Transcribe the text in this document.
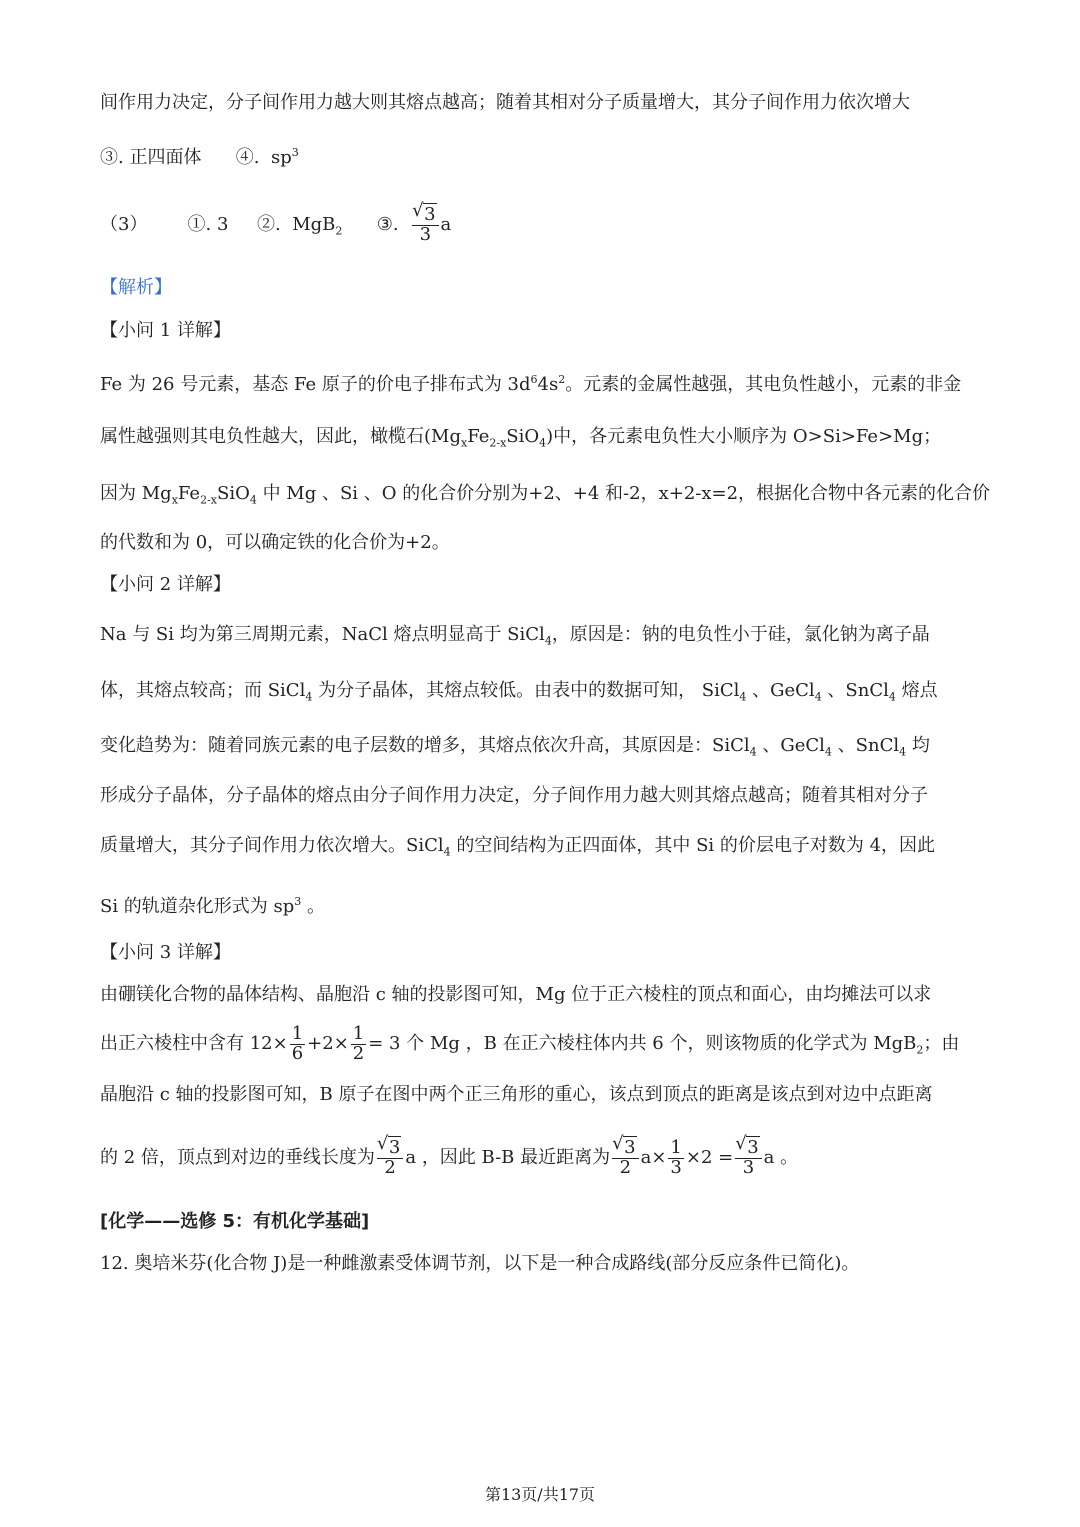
间作用力决定，分子间作用力越大则其熔点越高；随着其相对分子质量增大，其分子间作用力依次增大
③. 正四面体 ④. $sp^3$
（3） ①. 3 ②. MgB$_2$ ③. √ $\frac{3}{3}$ a
【解析】
【小问 1 详解】
Fe 为 26 号元素，基态 Fe 原子的价电子排布式为 $3d^64s^2$。元素的金属性越强，其电负性越小，元素的非金
属性越强则其电负性越大，因此，橄榄石$(Mg_xFe_{2-x}SiO_4)$中，各元素电负性大小顺序为 O>Si>Fe>Mg；
因为 $Mg_xFe_{2-x}SiO_4$ 中 Mg 、Si 、O 的化合价分别为+2、+4 和-2，x+2-x=2，根据化合物中各元素的化合价
的代数和为 0，可以确定铁的化合价为+2。
【小问 2 详解】
Na 与 Si 均为第三周期元素，NaCl 熔点明显高于 SiCl$_4$，原因是：钠的电负性小于硅，氯化钠为离子晶
体，其熔点较高；而 SiCl$_4$ 为分子晶体，其熔点较低。由表中的数据可知， SiCl$_4$ 、GeCl$_4$ 、SnCl$_4$ 熔点
变化趋势为：随着同族元素的电子层数的增多，其熔点依次升高，其原因是：SiCl$_4$ 、GeCl$_4$ 、SnCl$_4$ 均
形成分子晶体，分子晶体的熔点由分子间作用力决定，分子间作用力越大则其熔点越高；随着其相对分子
质量增大，其分子间作用力依次增大。SiCl$_4$ 的空间结构为正四面体，其中 Si 的价层电子对数为 4，因此
Si 的轨道杂化形式为 $sp^3$ 。
【小问 3 详解】
由硼镁化合物的晶体结构、晶胞沿 c 轴的投影图可知，Mg 位于正六棱柱的顶点和面心，由均摊法可以求
出正六棱柱中含有 $12\times \frac{1}{6} +2\times \frac{1}{2} = 3$ 个 Mg ，B 在正六棱柱体内共 6 个，则该物质的化学式为 MgB$_2$；由
晶胞沿 c 轴的投影图可知，B 原子在图中两个正三角形的重心，该点到顶点的距离是该点到对边中点距离
的 2 倍，顶点到对边的垂线长度为 √ $\frac{3}{2}$ a ，因此 B-B 最近距离为 √ $\frac{3}{2} a\times \frac{1}{3} \times 2$ = √ $\frac{3}{3}$ a 。
[化学——选修 5：有机化学基础]
12. 奥培米芬(化合物 J)是一种雌激素受体调节剂，以下是一种合成路线(部分反应条件已简化)。
第13页/共17页
